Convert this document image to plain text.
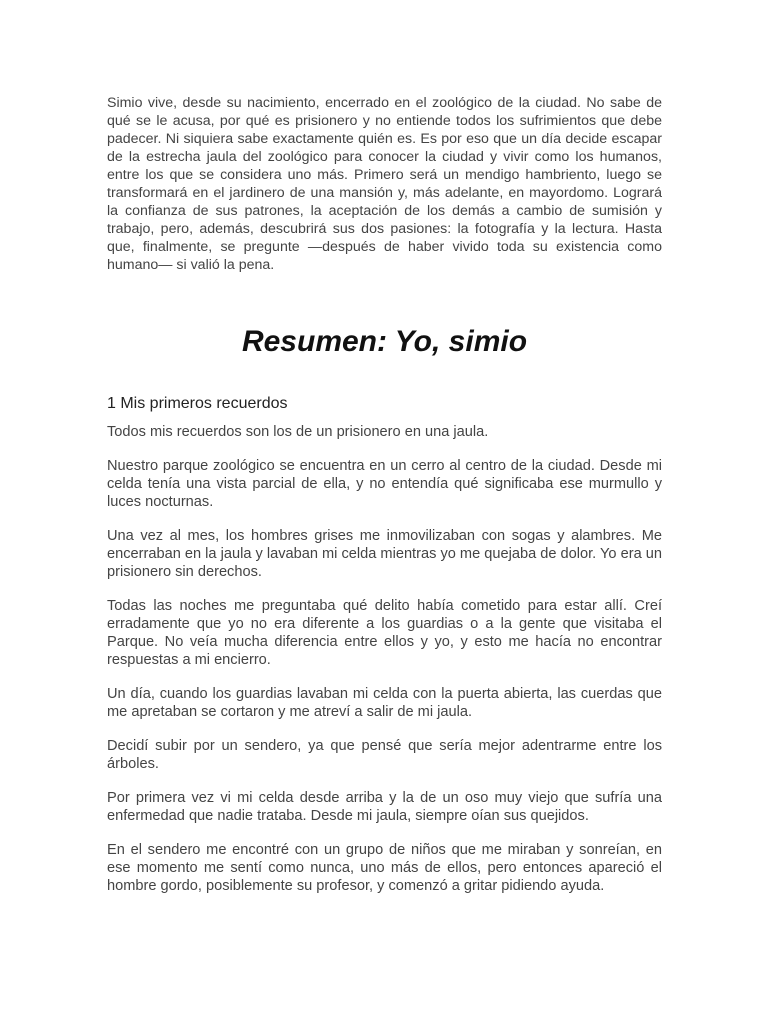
Simio vive, desde su nacimiento, encerrado en el zoológico de la ciudad. No sabe de qué se le acusa, por qué es prisionero y no entiende todos los sufrimientos que debe padecer. Ni siquiera sabe exactamente quién es. Es por eso que un día decide escapar de la estrecha jaula del zoológico para conocer la ciudad y vivir como los humanos, entre los que se considera uno más. Primero será un mendigo hambriento, luego se transformará en el jardinero de una mansión y, más adelante, en mayordomo. Logrará la confianza de sus patrones, la aceptación de los demás a cambio de sumisión y trabajo, pero, además, descubrirá sus dos pasiones: la fotografía y la lectura. Hasta que, finalmente, se pregunte —después de haber vivido toda su existencia como humano— si valió la pena.

Resumen: Yo, simio
1 Mis primeros recuerdos

Todos mis recuerdos son los de un prisionero en una jaula.

Nuestro parque zoológico se encuentra en un cerro al centro de la ciudad. Desde mi celda tenía una vista parcial de ella, y no entendía qué significaba ese murmullo y luces nocturnas.

Una vez al mes, los hombres grises me inmovilizaban con sogas y alambres. Me encerraban en la jaula y lavaban mi celda mientras yo me quejaba de dolor. Yo era un prisionero sin derechos.

Todas las noches me preguntaba qué delito había cometido para estar allí. Creí erradamente que yo no era diferente a los guardias o a la gente que visitaba el Parque. No veía mucha diferencia entre ellos y yo, y esto me hacía no encontrar respuestas a mi encierro.

Un día, cuando los guardias lavaban mi celda con la puerta abierta, las cuerdas que me apretaban se cortaron y me atreví a salir de mi jaula.

Decidí subir por un sendero, ya que pensé que sería mejor adentrarme entre los árboles.

Por primera vez vi mi celda desde arriba y la de un oso muy viejo que sufría una enfermedad que nadie trataba. Desde mi jaula, siempre oían sus quejidos.

En el sendero me encontré con un grupo de niños que me miraban y sonreían, en ese momento me sentí como nunca, uno más de ellos, pero entonces apareció el hombre gordo, posiblemente su profesor, y comenzó a gritar pidiendo ayuda.
